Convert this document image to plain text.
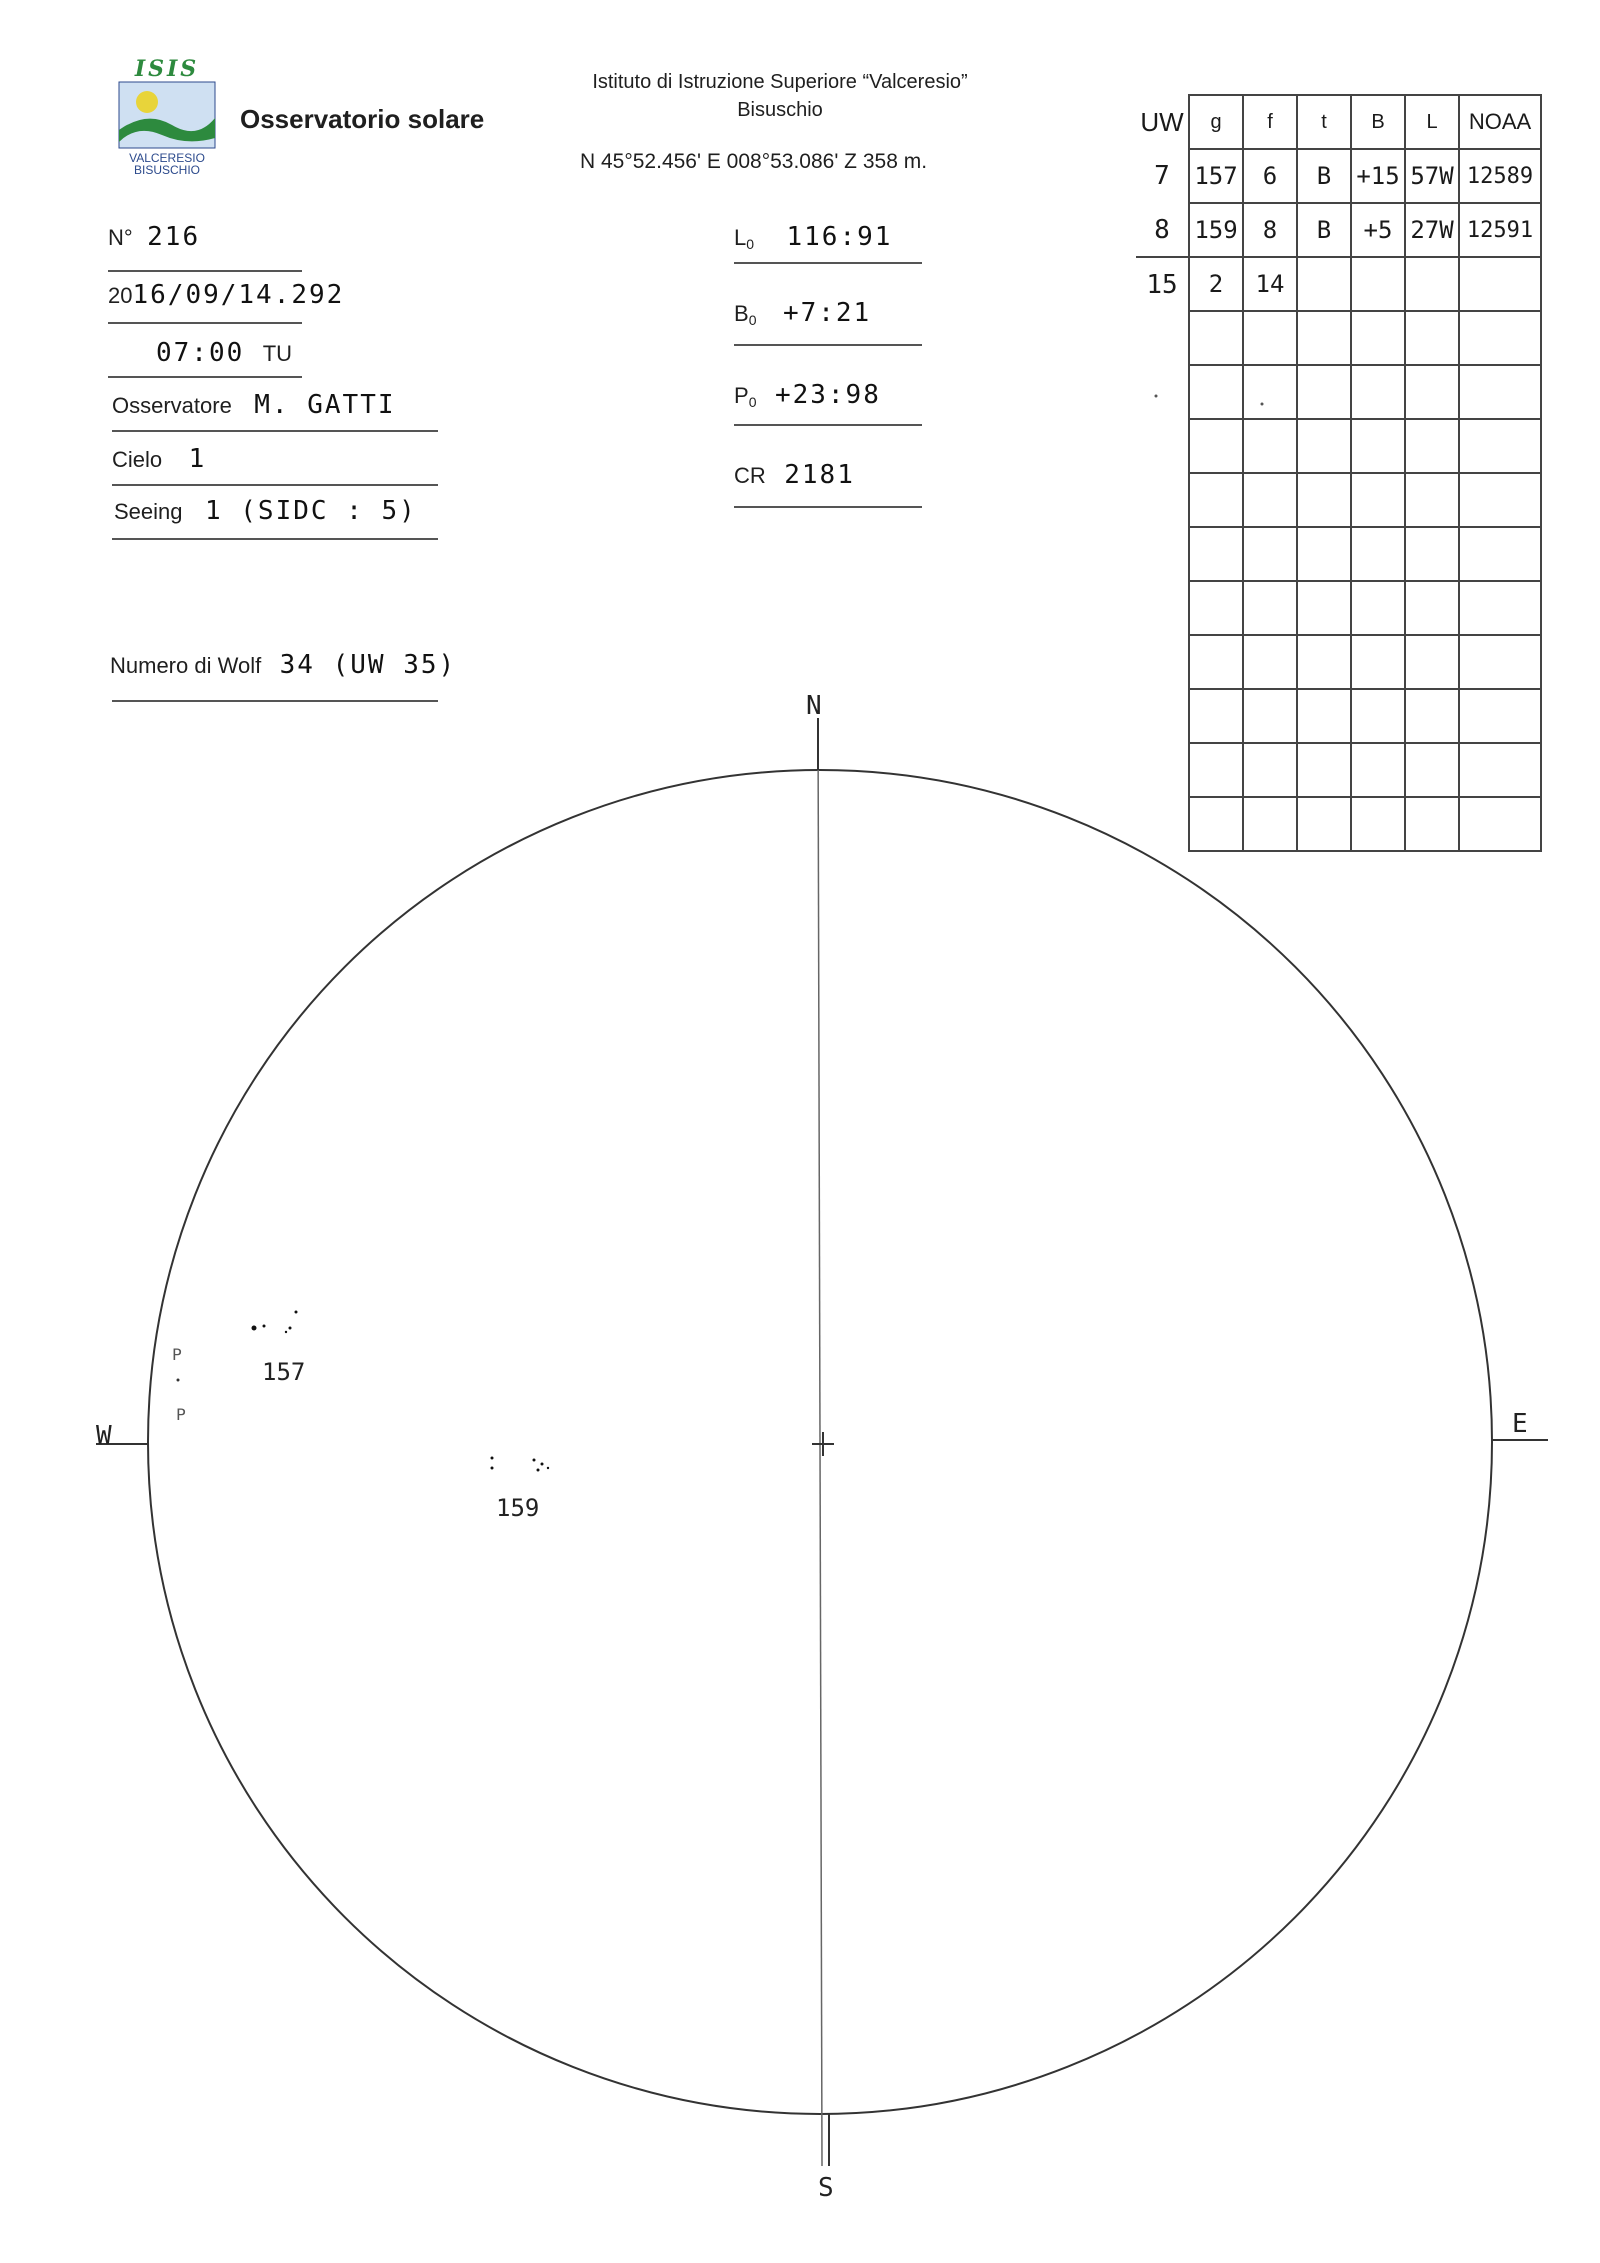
ISIS
VALCERESIO
BISUSCHIO
Osservatorio solare
Istituto di Istruzione Superiore “Valceresio”
Bisuschio
N 45°52.456' E 008°53.086' Z 358 m.
N° 216
2016/09/14.292
07:00 TU
Osservatore M. GATTI
Cielo 1
Seeing 1 (SIDC : 5)
Numero di Wolf 34 (UW 35)
$L_0$ 116:91
$B_0$ +7:21
$P_0$ +23:98
CR 2181
UW	g	f	t	B	L	NOAA
7	157	6	B	+15	57W	12589
8	159	8	B	+5	27W	12591
15	2	14				

N
S
W	E
157
P
P
159
